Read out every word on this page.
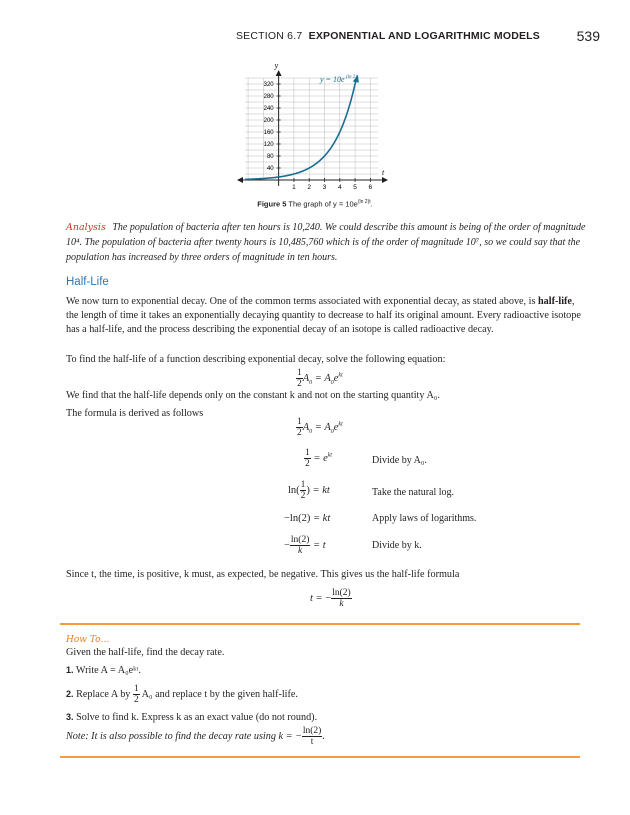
SECTION 6.7 EXPONENTIAL AND LOGARITHMIC MODELS	539
1 2 3 4 5 6
40
80
120
160
200
240
280
320
t
y
y = 10e (ln 2)t
Figure 5 The graph of $y = 10e^{(ln 2)t}$.
Analysis The population of bacteria after ten hours is 10,240. We could describe this amount is being of the order of magnitude 10⁴. The population of bacteria after twenty hours is 10,485,760 which is of the order of magnitude 10⁷, so we could say that the population has increased by three orders of magnitude in ten hours.
Half-Life
We now turn to exponential decay. One of the common terms associated with exponential decay, as stated above, is half-life, the length of time it takes an exponentially decaying quantity to decrease to half its original amount. Every radioactive isotope has a half-life, and the process describing the exponential decay of an isotope is called radioactive decay.
To find the half-life of a function describing exponential decay, solve the following equation:
$\frac{1}{2} A_0 = A_0e^{kt}$
We find that the half-life depends only on the constant k and not on the starting quantity A₀.
The formula is derived as follows
$\frac{1}{2} A_0 = A_0e^{kt}$
$\frac{1}{2} = e^{kt}$	Divide by A₀.
$\ln( \frac{1}{2}$ ) = kt	Take the natural log.
−ln(2) = kt	Apply laws of logarithms.
− $\frac{\ln(2)}{k} = t$	Divide by k.
Since t, the time, is positive, k must, as expected, be negative. This gives us the half-life formula
t = − $\frac{\ln(2)}{k}$
How To…
Given the half-life, find the decay rate.
1. Write A = A₀eᵏᵗ.
2. Replace A by $\frac{1}{2} A_0$ and replace t by the given half-life.
3. Solve to find k. Express k as an exact value (do not round).
Note: It is also possible to find the decay rate using k = − $\frac{\ln(2)}{t}$ .
